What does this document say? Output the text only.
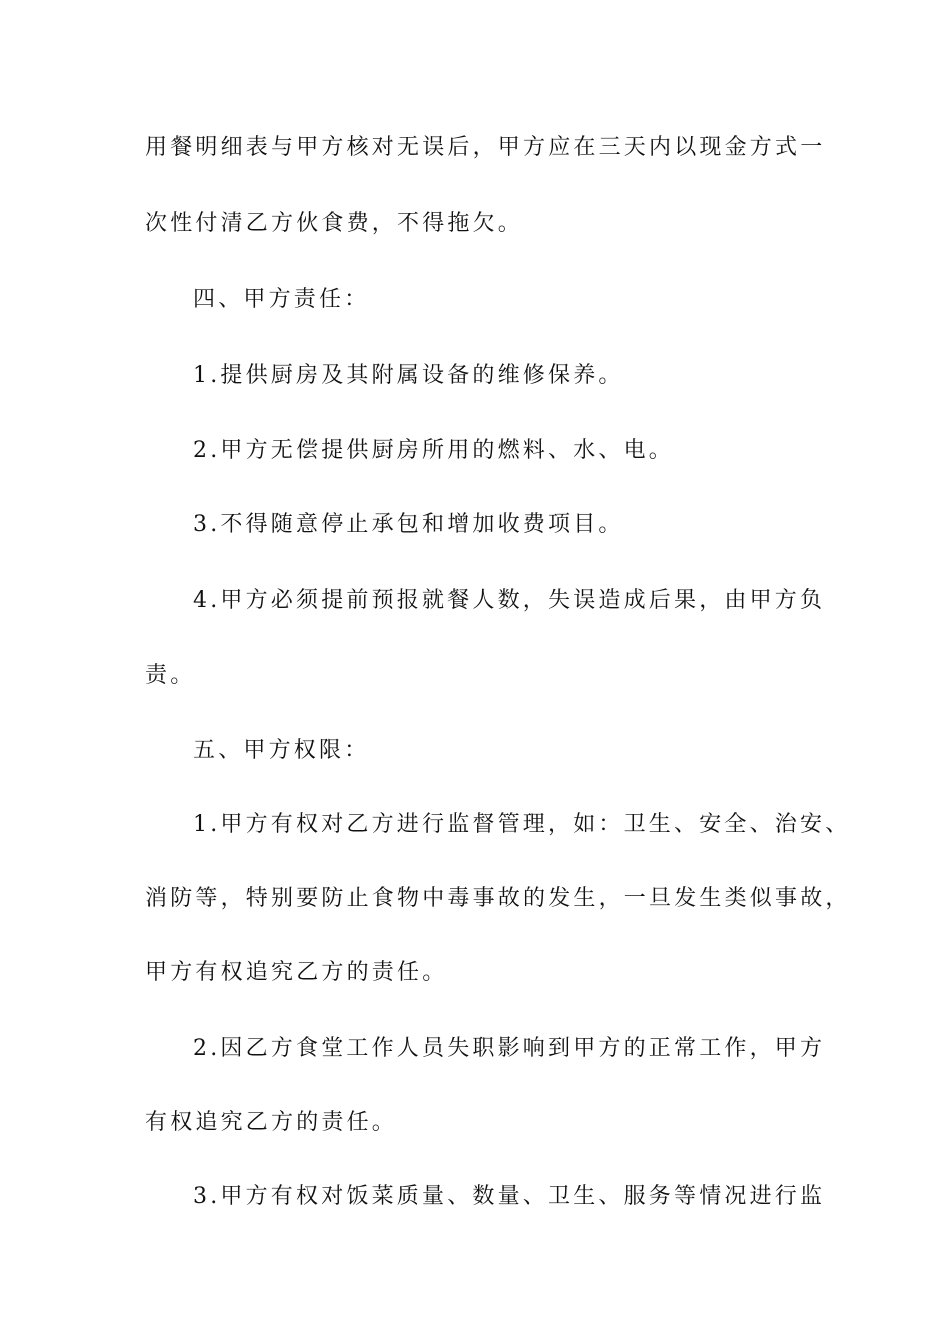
用餐明细表与甲方核对无误后，甲方应在三天内以现金方式一
次性付清乙方伙食费，不得拖欠。
四、甲方责任：
1.提供厨房及其附属设备的维修保养。
2.甲方无偿提供厨房所用的燃料、水、电。
3.不得随意停止承包和增加收费项目。
4.甲方必须提前预报就餐人数，失误造成后果，由甲方负
责。
五、甲方权限：
1.甲方有权对乙方进行监督管理，如：卫生、安全、治安、
消防等，特别要防止食物中毒事故的发生，一旦发生类似事故，
甲方有权追究乙方的责任。
2.因乙方食堂工作人员失职影响到甲方的正常工作，甲方
有权追究乙方的责任。
3.甲方有权对饭菜质量、数量、卫生、服务等情况进行监
